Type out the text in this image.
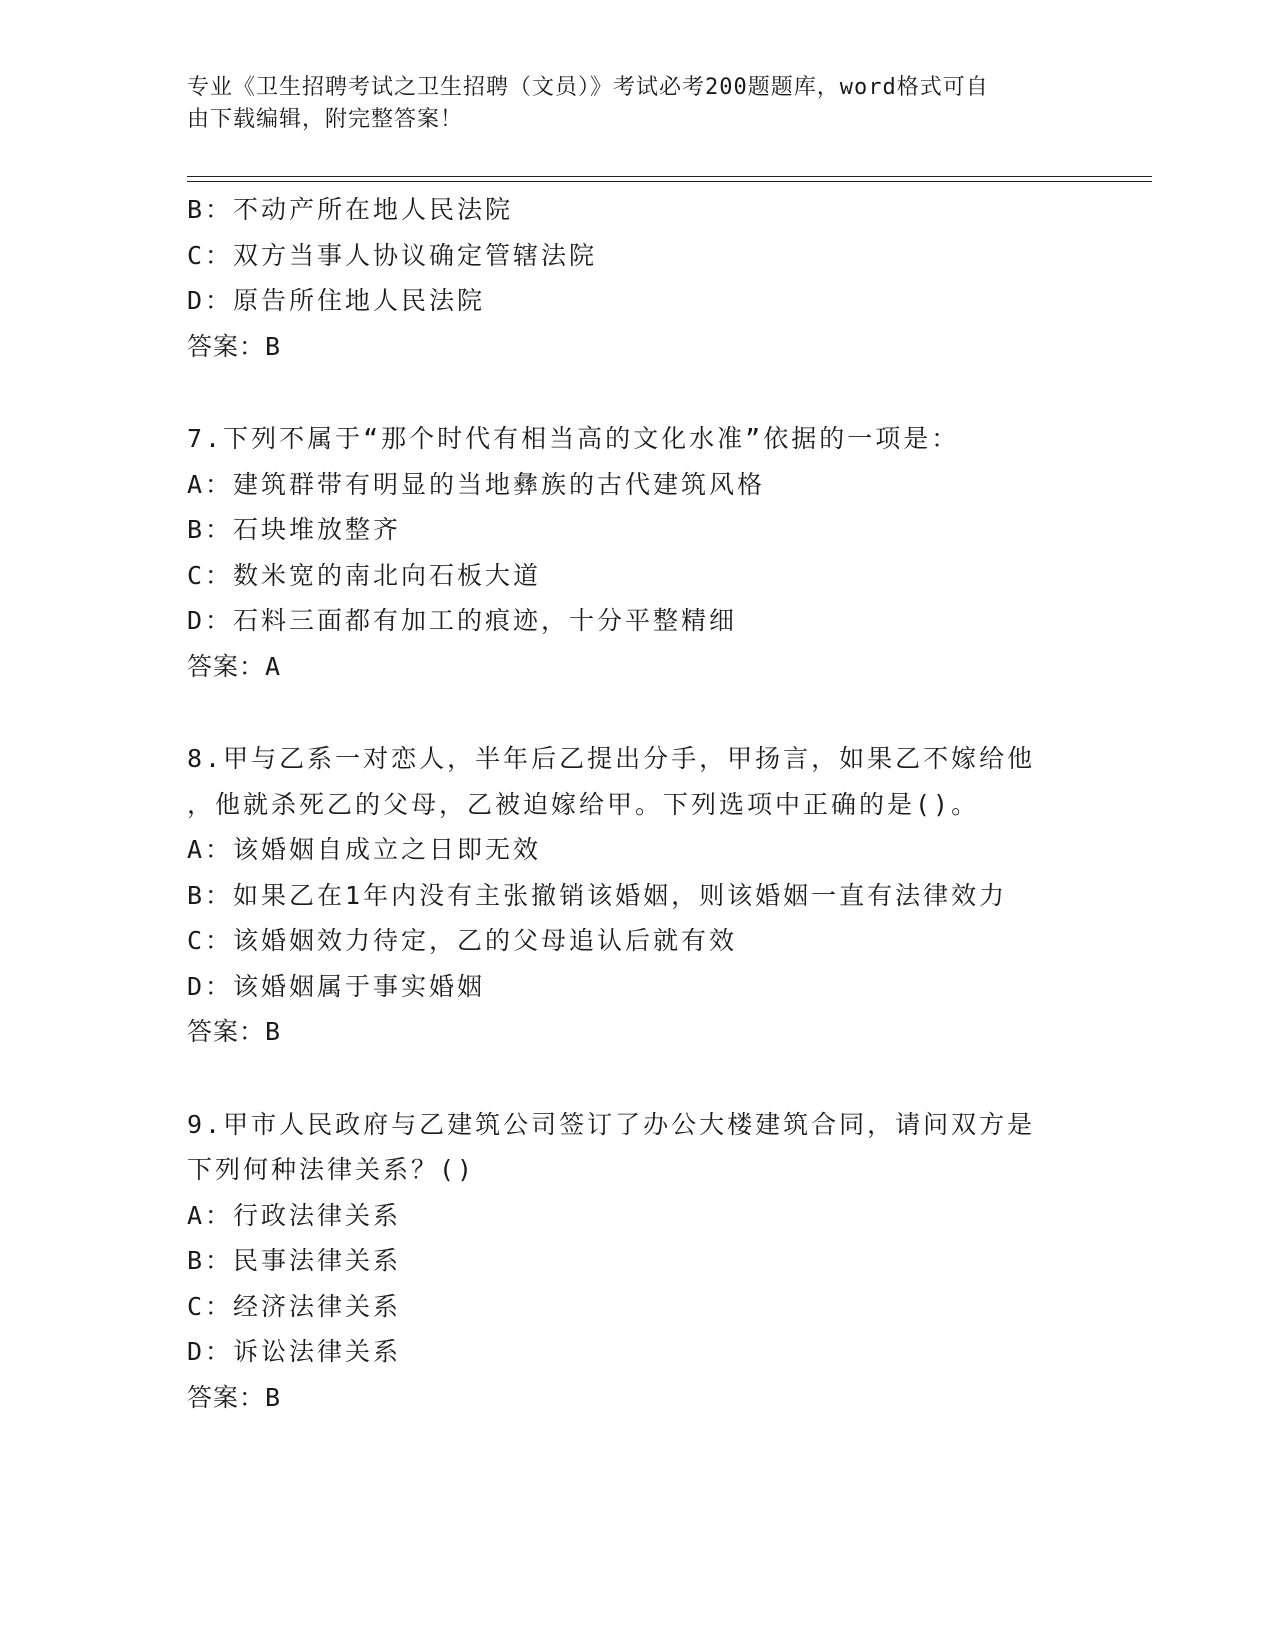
专业《卫生招聘考试之卫生招聘（文员）》考试必考200题题库，word格式可自
由下载编辑，附完整答案！
B：不动产所在地人民法院
C：双方当事人协议确定管辖法院
D：原告所住地人民法院
答案：B
7.下列不属于“那个时代有相当高的文化水准”依据的一项是：
A：建筑群带有明显的当地彝族的古代建筑风格
B：石块堆放整齐
C：数米宽的南北向石板大道
D：石料三面都有加工的痕迹，十分平整精细
答案：A
8.甲与乙系一对恋人，半年后乙提出分手，甲扬言，如果乙不嫁给他
，他就杀死乙的父母，乙被迫嫁给甲。下列选项中正确的是()。
A：该婚姻自成立之日即无效
B：如果乙在1年内没有主张撤销该婚姻，则该婚姻一直有法律效力
C：该婚姻效力待定，乙的父母追认后就有效
D：该婚姻属于事实婚姻
答案：B
9.甲市人民政府与乙建筑公司签订了办公大楼建筑合同，请问双方是
下列何种法律关系？()
A：行政法律关系
B：民事法律关系
C：经济法律关系
D：诉讼法律关系
答案：B
